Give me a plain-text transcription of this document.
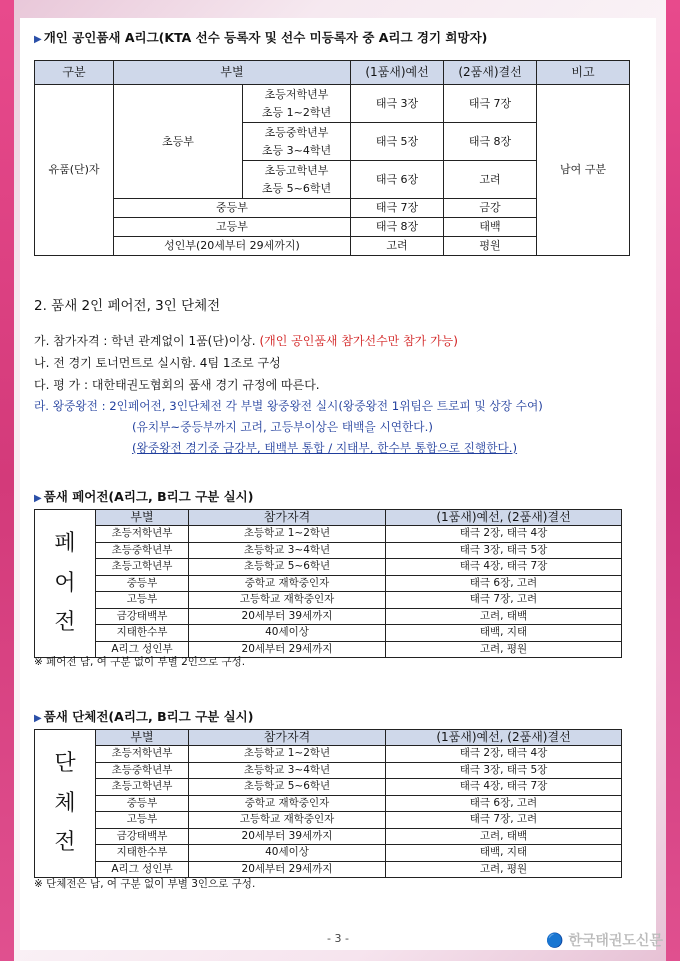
▶ 개인 공인품새 A리그(KTA 선수 등록자 및 선수 미등록자 중 A리그 경기 희망자)
구분	부별		(1품새)예선	(2품새)결선	비고
유품(단)자	초등부	초등저학년부	태극 3장	태극 7장	남여 구분
		초등 1~2학년			
		초등중학년부	태극 5장	태극 8장	
		초등 3~4학년			
		초등고학년부	태극 6장	고려	
		초등 5~6학년			
	중등부		태극 7장	금강	
	고등부		태극 8장	태백	
	성인부(20세부터 29세까지)		고려	평원	
2. 품새 2인 페어전, 3인 단체전
가. 참가자격 : 학년 관계없이 1품(단)이상. (개인 공인품새 참가선수만 참가 가능)
나. 전 경기 토너먼트로 실시함. 4팀 1조로 구성
다. 평 가 : 대한태권도협회의 품새 경기 규정에 따른다.
라. 왕중왕전 : 2인페어전, 3인단체전 각 부별 왕중왕전 실시(왕중왕전 1위팀은 트로피 및 상장 수여)
(유치부~중등부까지 고려, 고등부이상은 태백을 시연한다.)
(왕중왕전 경기중 금강부, 태백부 통합 / 지태부, 한수부 통합으로 진행한다.)
▶ 품새 페어전(A리그, B리그 구분 실시)
페
어
전	부별	참가자격	(1품새)예선, (2품새)결선
	초등저학년부	초등학교 1~2학년	태극 2장, 태극 4장
	초등중학년부	초등학교 3~4학년	태극 3장, 태극 5장
	초등고학년부	초등학교 5~6학년	태극 4장, 태극 7장
	중등부	중학교 재학중인자	태극 6장, 고려
	고등부	고등학교 재학중인자	태극 7장, 고려
	금강태백부	20세부터 39세까지	고려, 태백
	지태한수부	40세이상	태백, 지태
	A리그 성인부	20세부터 29세까지	고려, 평원
※ 페어전 남, 여 구분 없이 부별 2인으로 구성.
▶ 품새 단체전(A리그, B리그 구분 실시)
단
체
전	부별	참가자격	(1품새)예선, (2품새)결선
	초등저학년부	초등학교 1~2학년	태극 2장, 태극 4장
	초등중학년부	초등학교 3~4학년	태극 3장, 태극 5장
	초등고학년부	초등학교 5~6학년	태극 4장, 태극 7장
	중등부	중학교 재학중인자	태극 6장, 고려
	고등부	고등학교 재학중인자	태극 7장, 고려
	금강태백부	20세부터 39세까지	고려, 태백
	지태한수부	40세이상	태백, 지태
	A리그 성인부	20세부터 29세까지	고려, 평원
※ 단체전은 남, 여 구분 없이 부별 3인으로 구성.
- 3 -	🔵 한국태권도신문
